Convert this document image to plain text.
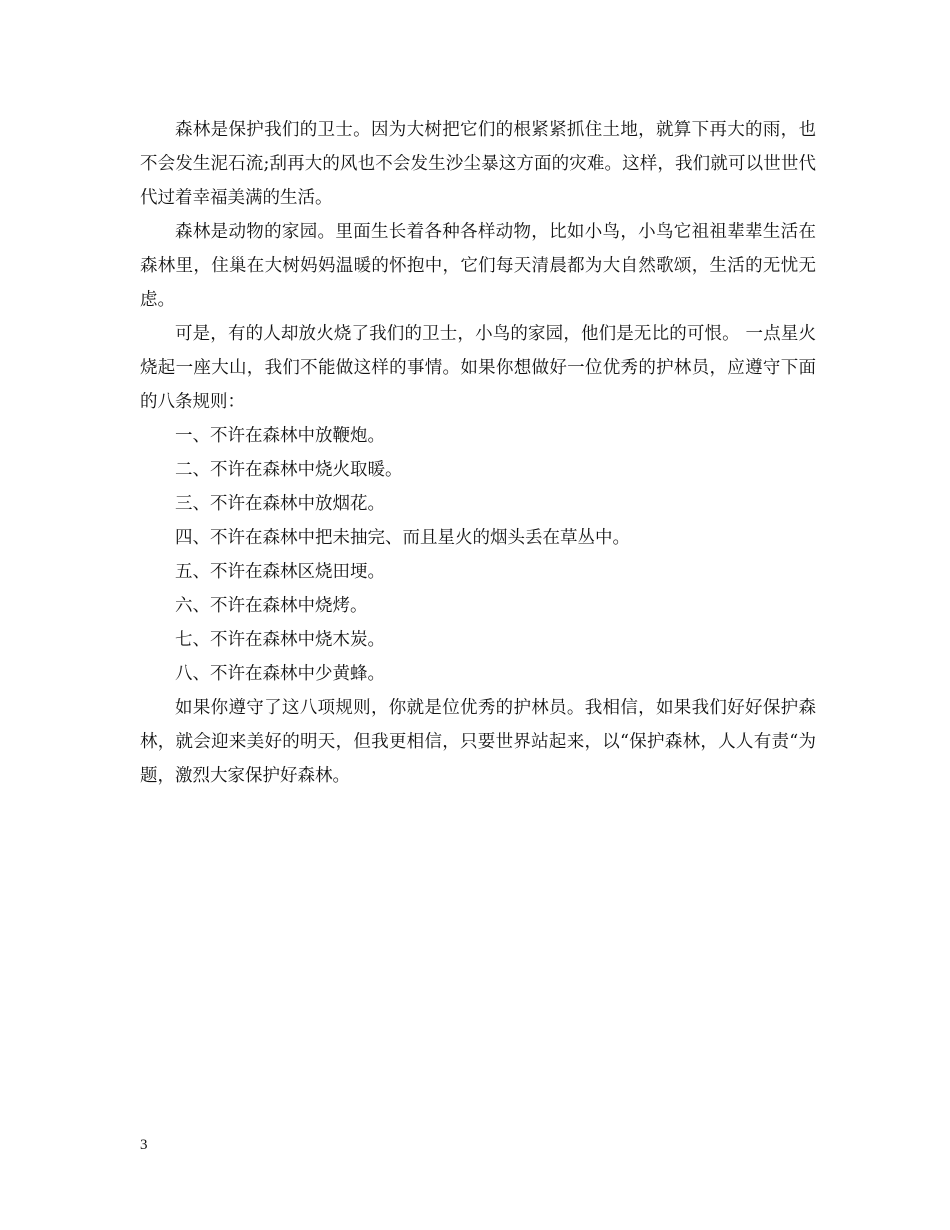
森林是保护我们的卫士。因为大树把它们的根紧紧抓住土地，就算下再大的雨，也不会发生泥石流;刮再大的风也不会发生沙尘暴这方面的灾难。这样，我们就可以世世代代过着幸福美满的生活。

森林是动物的家园。里面生长着各种各样动物，比如小鸟，小鸟它祖祖辈辈生活在森林里，住巢在大树妈妈温暖的怀抱中，它们每天清晨都为大自然歌颂，生活的无忧无虑。

可是，有的人却放火烧了我们的卫士，小鸟的家园，他们是无比的可恨。 一点星火烧起一座大山，我们不能做这样的事情。如果你想做好一位优秀的护林员，应遵守下面的八条规则：

一、不许在森林中放鞭炮。

二、不许在森林中烧火取暖。

三、不许在森林中放烟花。

四、不许在森林中把未抽完、而且星火的烟头丢在草丛中。

五、不许在森林区烧田埂。

六、不许在森林中烧烤。

七、不许在森林中烧木炭。

八、不许在森林中少黄蜂。

如果你遵守了这八项规则，你就是位优秀的护林员。我相信，如果我们好好保护森林，就会迎来美好的明天，但我更相信，只要世界站起来，以“保护森林，人人有责“为题，激烈大家保护好森林。

3
